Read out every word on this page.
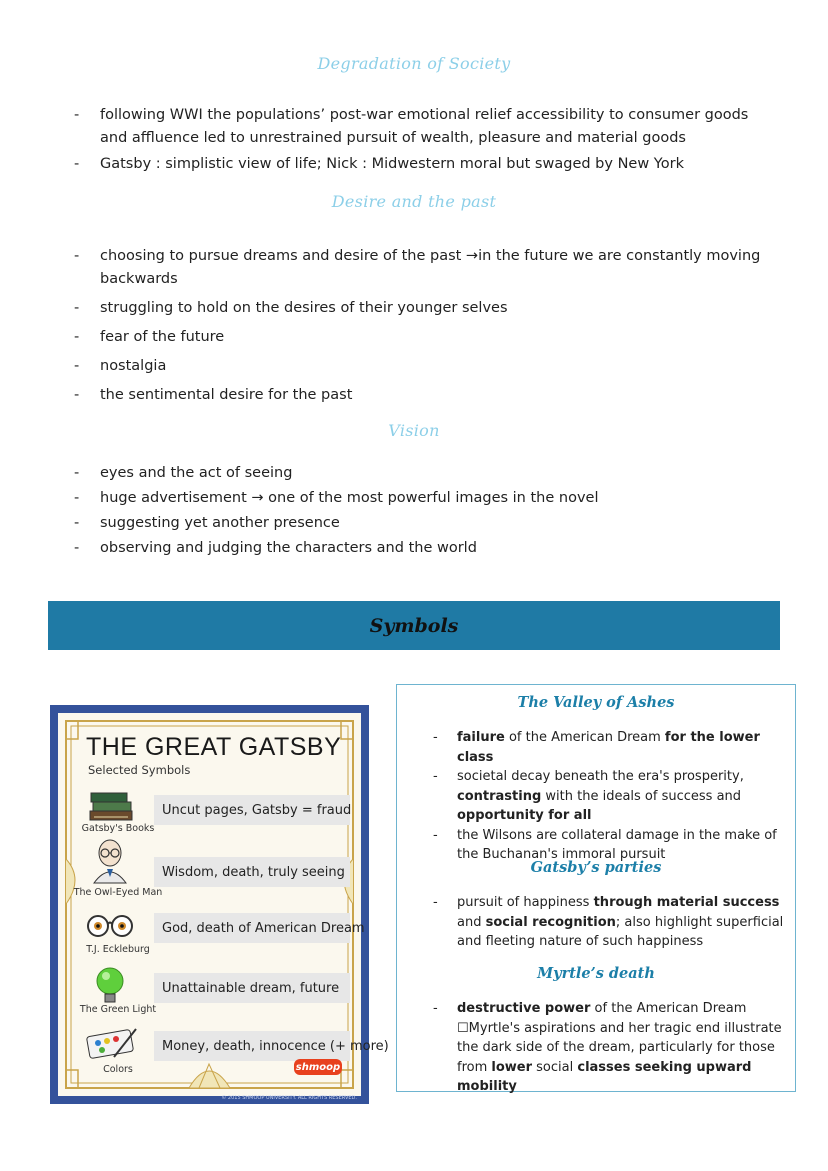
Degradation of Society
- following WWI the populations’ post-war emotional relief accessibility to consumer goods and affluence led to unrestrained pursuit of wealth, pleasure and material goods
- Gatsby : simplistic view of life; Nick : Midwestern moral but swaged by New York
Desire and the past
- choosing to pursue dreams and desire of the past →in the future we are constantly moving backwards
- struggling to hold on the desires of their younger selves
- fear of the future
- nostalgia
- the sentimental desire for the past
Vision
- eyes and the act of seeing
- huge advertisement → one of the most powerful images in the novel
- suggesting yet another presence
- observing and judging the characters and the world
Symbols
THE GREAT GATSBY
Selected Symbols
Gatsby's Books
Uncut pages, Gatsby = fraud
The Owl-Eyed Man
Wisdom, death, truly seeing
T.J. Eckleburg
God, death of American Dream
The Green Light
Unattainable dream, future
Colors
Money, death, innocence (+ more)
shmoop
© 2015 SHMOOP UNIVERSITY. ALL RIGHTS RESERVED.
The Valley of Ashes
- failure of the American Dream for the lower class
- societal decay beneath the era's prosperity, contrasting with the ideals of success and opportunity for all
- the Wilsons are collateral damage in the make of the Buchanan's immoral pursuit
Gatsby’s parties
- pursuit of happiness through material success and social recognition; also highlight superficial and fleeting nature of such happiness
Myrtle’s death
- destructive power of the American Dream ☐Myrtle's aspirations and her tragic end illustrate the dark side of the dream, particularly for those from lower social classes seeking upward mobility
